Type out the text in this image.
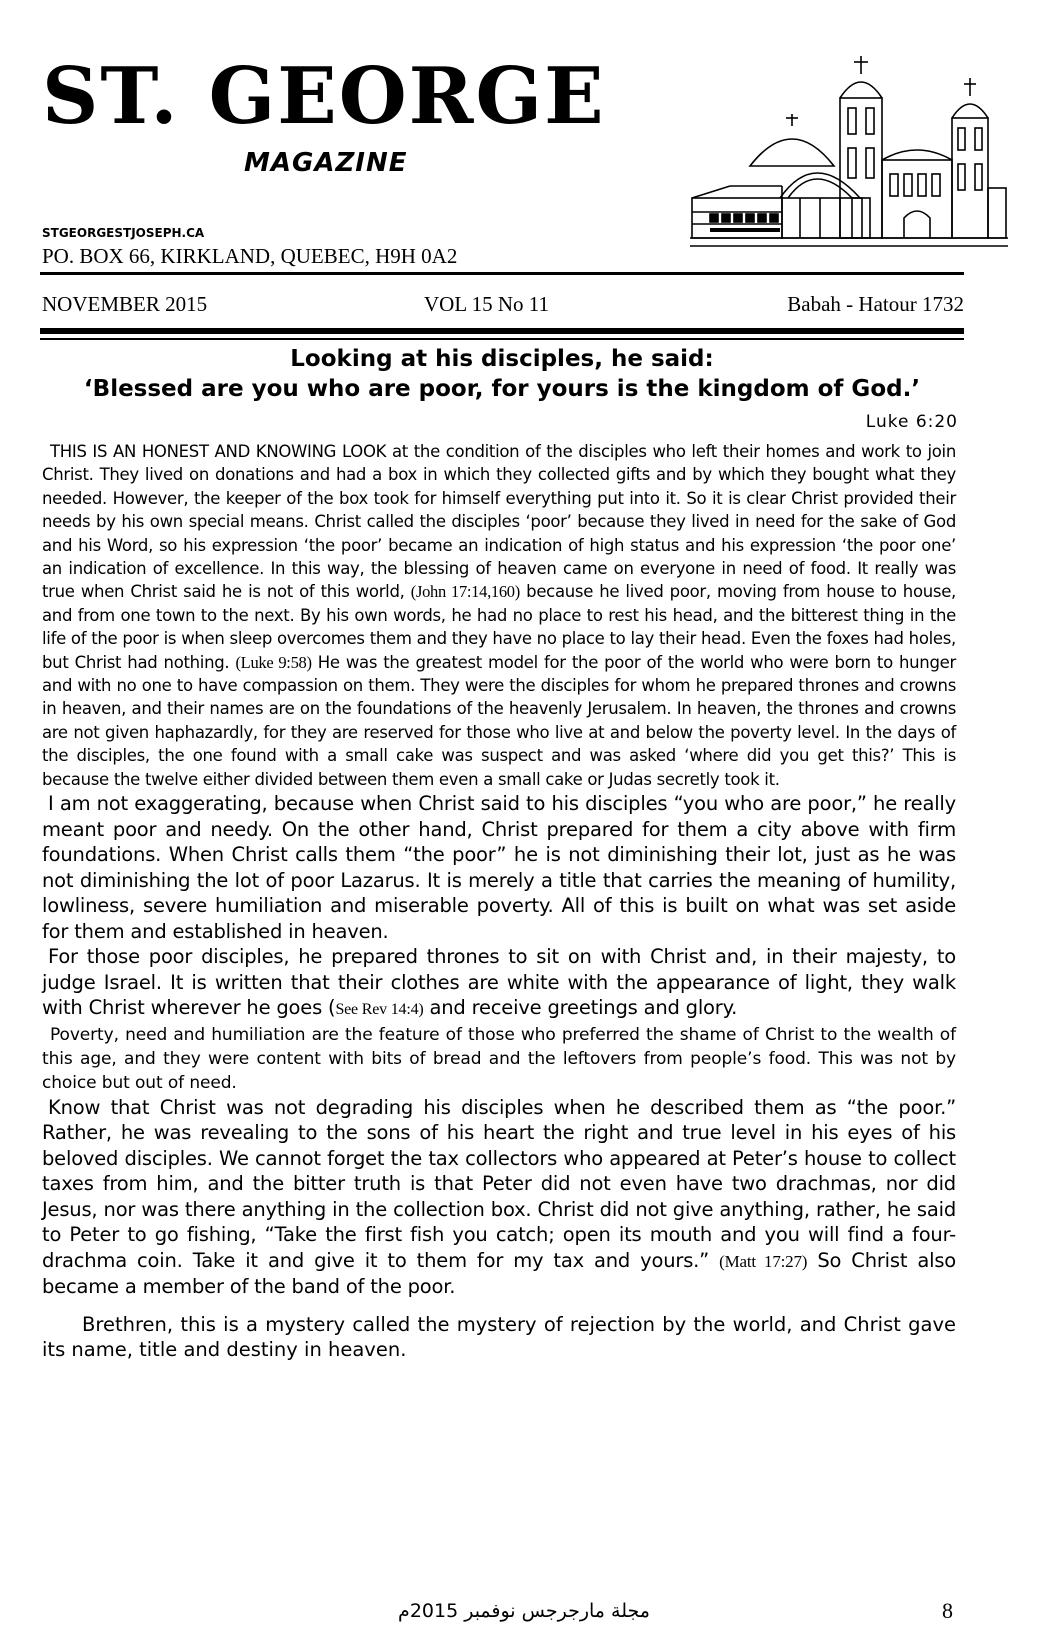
ST. GEORGE
MAGAZINE
STGEORGESTJOSEPH.CA
PO. BOX 66, KIRKLAND, QUEBEC, H9H 0A2
NOVEMBER 2015	VOL 15 No 11	Babah - Hatour 1732
Looking at his disciples, he said:
‘Blessed are you who are poor, for yours is the kingdom of God.’
Luke 6:20

THIS IS AN HONEST AND KNOWING LOOK at the condition of the disciples who left their homes and work to join Christ. They lived on donations and had a box in which they collected gifts and by which they bought what they needed. However, the keeper of the box took for himself everything put into it. So it is clear Christ provided their needs by his own special means. Christ called the disciples ‘poor’ because they lived in need for the sake of God and his Word, so his expression ‘the poor’ became an indication of high status and his expression ‘the poor one’ an indication of excellence. In this way, the blessing of heaven came on everyone in need of food. It really was true when Christ said he is not of this world, (John 17:14,160) because he lived poor, moving from house to house, and from one town to the next. By his own words, he had no place to rest his head, and the bitterest thing in the life of the poor is when sleep overcomes them and they have no place to lay their head. Even the foxes had holes, but Christ had nothing. (Luke 9:58) He was the greatest model for the poor of the world who were born to hunger and with no one to have compassion on them. They were the disciples for whom he prepared thrones and crowns in heaven, and their names are on the foundations of the heavenly Jerusalem. In heaven, the thrones and crowns are not given haphazardly, for they are reserved for those who live at and below the poverty level. In the days of the disciples, the one found with a small cake was suspect and was asked ‘where did you get this?’ This is because the twelve either divided between them even a small cake or Judas secretly took it.

I am not exaggerating, because when Christ said to his disciples “you who are poor,” he really meant poor and needy. On the other hand, Christ prepared for them a city above with firm foundations. When Christ calls them “the poor” he is not diminishing their lot, just as he was not diminishing the lot of poor Lazarus. It is merely a title that carries the meaning of humility, lowliness, severe humiliation and miserable poverty. All of this is built on what was set aside for them and established in heaven.

For those poor disciples, he prepared thrones to sit on with Christ and, in their majesty, to judge Israel. It is written that their clothes are white with the appearance of light, they walk with Christ wherever he goes (See Rev 14:4) and receive greetings and glory.

Poverty, need and humiliation are the feature of those who preferred the shame of Christ to the wealth of this age, and they were content with bits of bread and the leftovers from people’s food. This was not by choice but out of need.

Know that Christ was not degrading his disciples when he described them as “the poor.” Rather, he was revealing to the sons of his heart the right and true level in his eyes of his beloved disciples. We cannot forget the tax collectors who appeared at Peter’s house to collect taxes from him, and the bitter truth is that Peter did not even have two drachmas, nor did Jesus, nor was there anything in the collection box. Christ did not give anything, rather, he said to Peter to go fishing, “Take the first fish you catch; open its mouth and you will find a four-drachma coin. Take it and give it to them for my tax and yours.” (Matt 17:27) So Christ also became a member of the band of the poor.

Brethren, this is a mystery called the mystery of rejection by the world, and Christ gave its name, title and destiny in heaven.

مجلة مارجرجس نوفمبر 2015م	8
